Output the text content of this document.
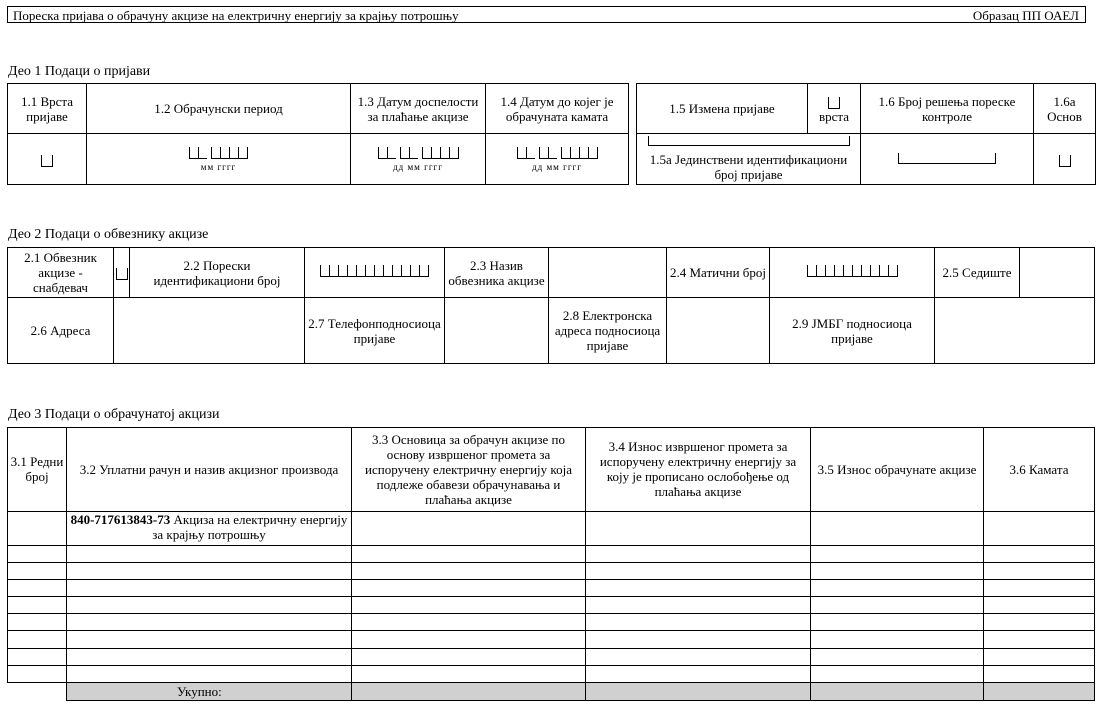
Пореска пријава о обрачуну акцизе на електричну енергију за крајњу потрошњу	Образац ПП ОАЕЛ
Део 1 Подаци о пријави
1.1 Врста пријаве	1.2 Обрачунски период	1.3 Датум доспелости за плаћање акцизе	1.4 Датум до којег је обрачуната камата

	мм гггг	дд мм гггг	дд мм гггг
1.5 Измена пријаве	врста	1.6 Број решења пореске контроле	1.6а Основ

1.5а Јединствени идентификациони број пријаве			

Део 2 Подаци о обвезнику акцизе
2.1 Обвезник акцизе - снабдевач		2.2 Порески идентификациони број		2.3 Назив обвезника акцизе		2.4 Матични број		2.5 Седиште	
2.6 Адреса			2.7 Телефонподносиоца пријаве		2.8 Електронска адреса подносиоца пријаве		2.9 ЈМБГ подносиоца пријаве		
Део 3 Подаци о обрачунатој акцизи
3.1 Редни број	3.2 Уплатни рачун и назив акцизног производа	3.3 Основица за обрачун акцизе по основу извршеног промета за испоручену електричну енергију која подлеже обавези обрачунавања и плаћања акцизе	3.4 Износ извршеног промета за испоручену електричну енергију за коју је прописано ослобођење од плаћања акцизе	3.5 Износ обрачунате акцизе	3.6 Камата
	840-717613843-73 Акциза на електричну енергију за крајњу потрошњу				

	Укупно:				
